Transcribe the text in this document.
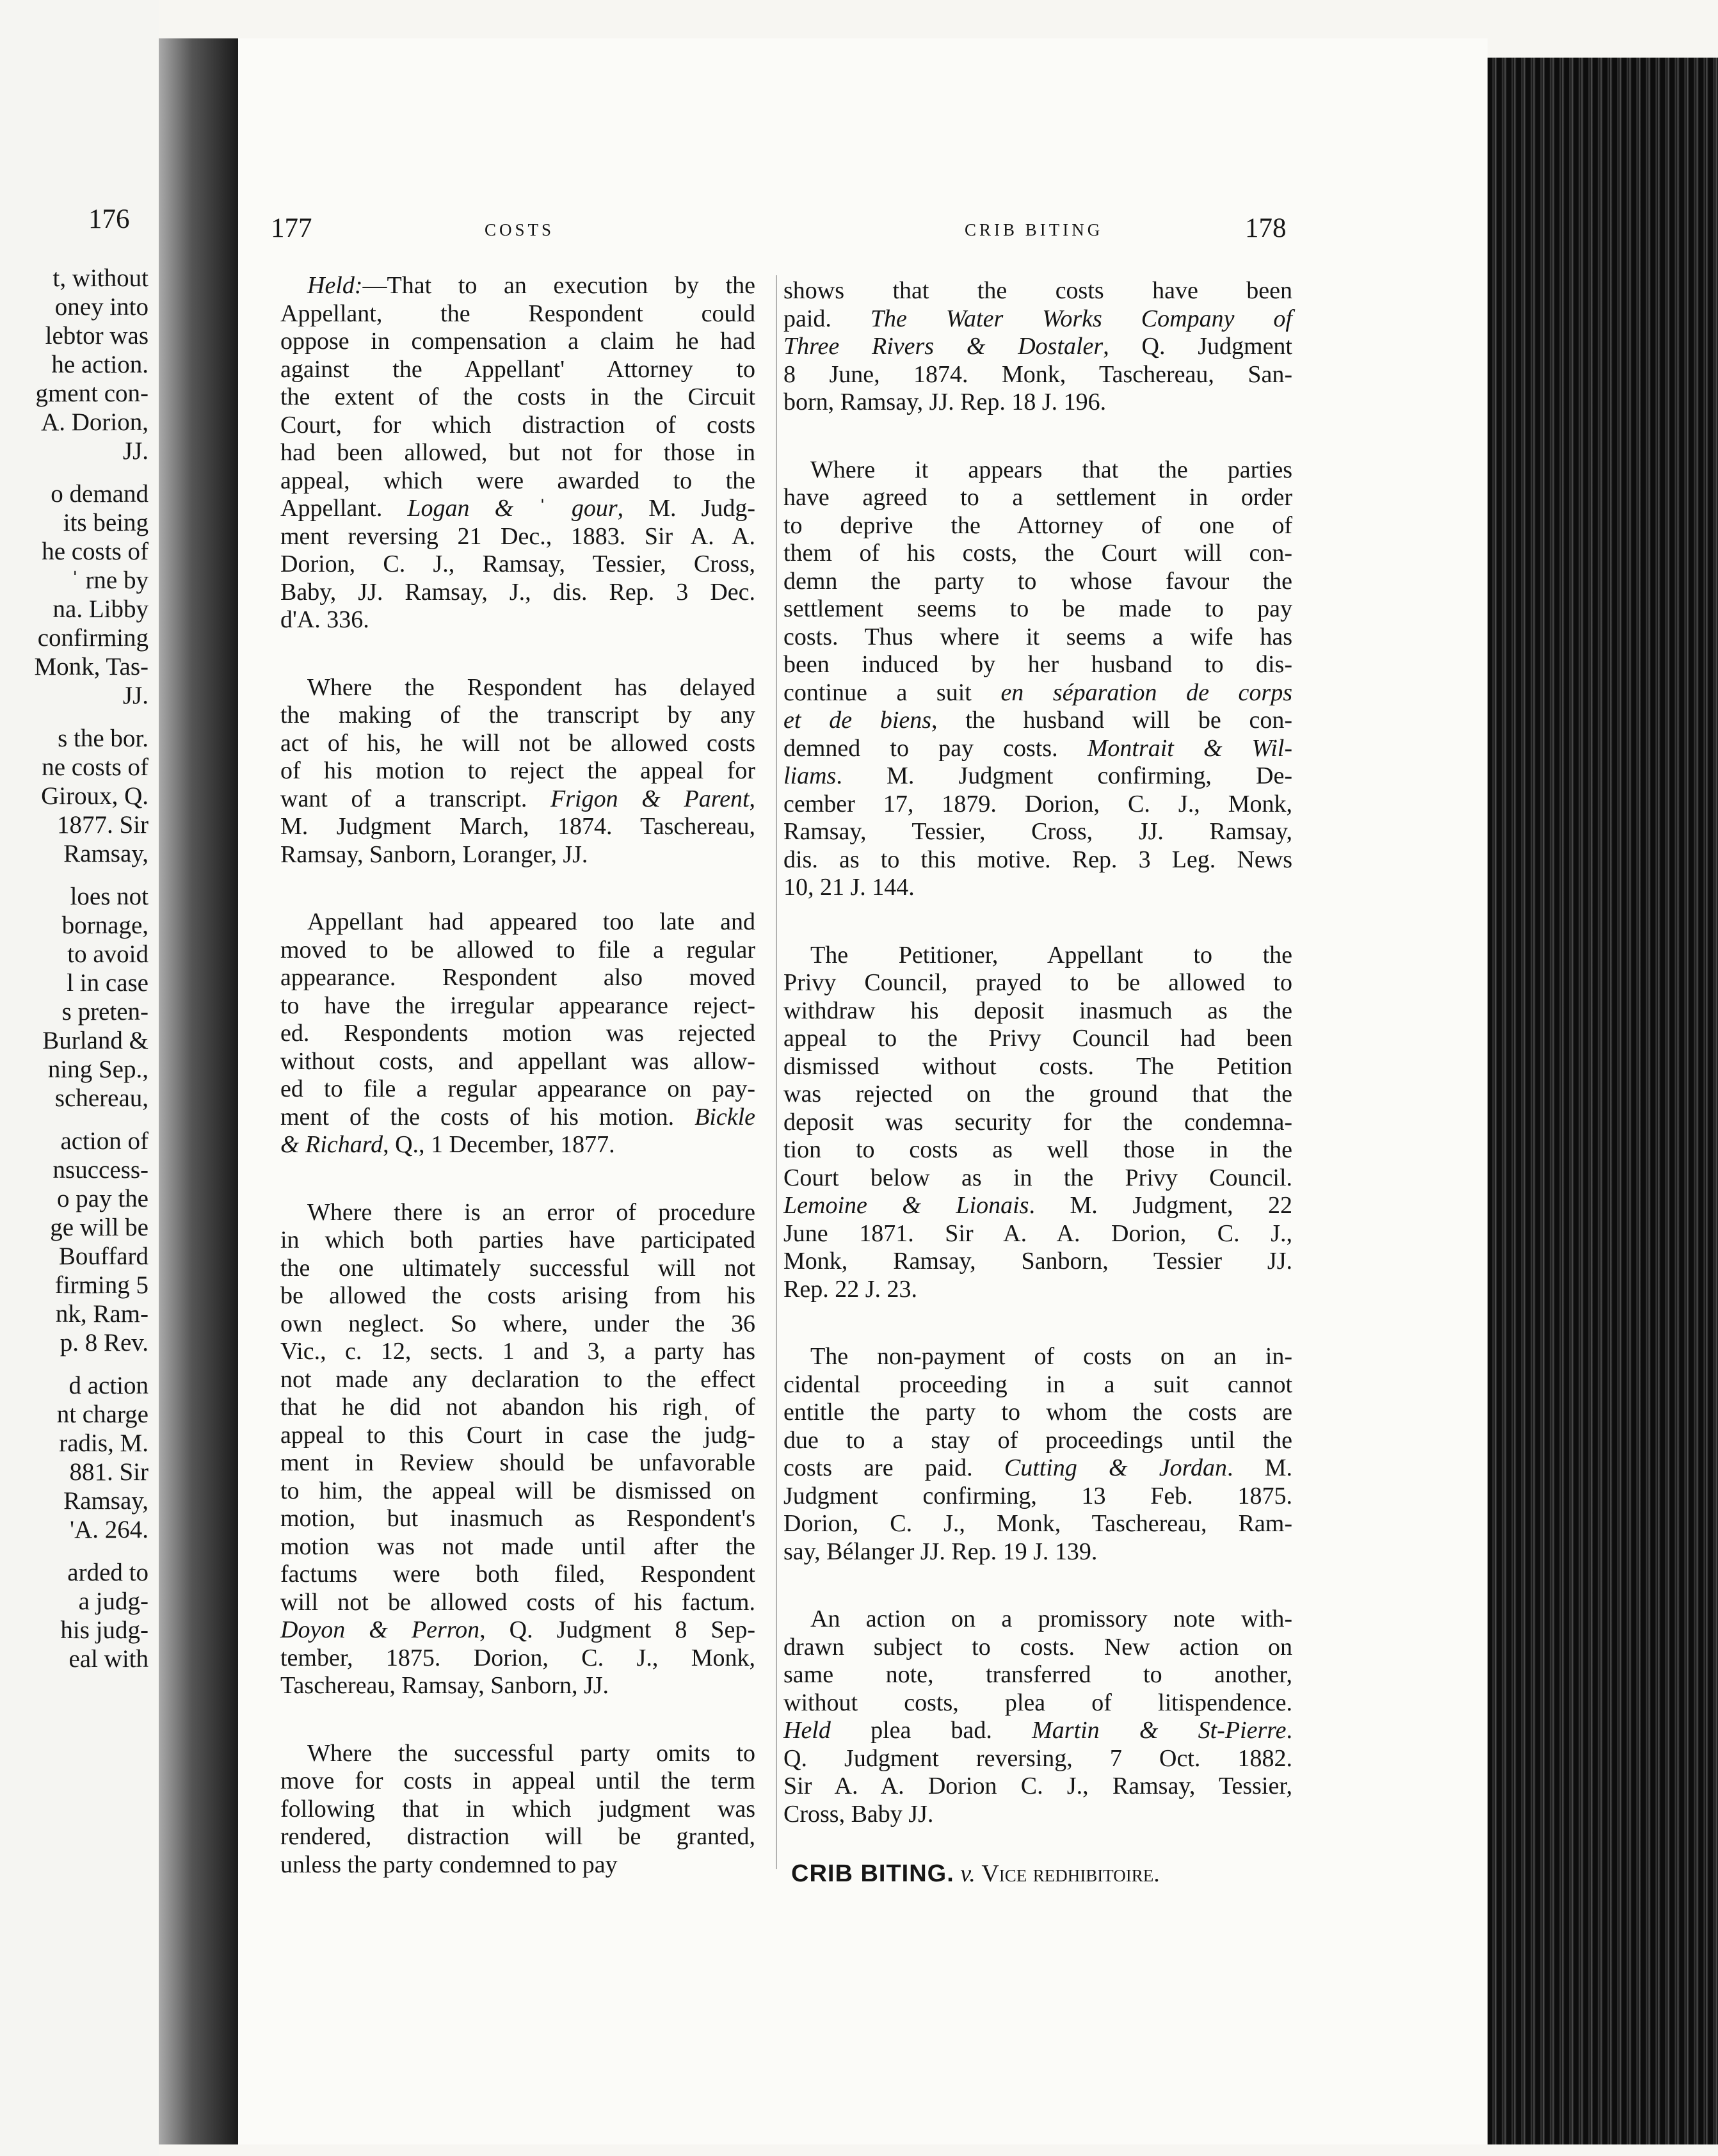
176
t, without
oney into
lebtor was
he action.
gment con-
A. Dorion,
JJ.
o demand
its being
he costs of
ˈ rne by
na. Libby
confirming
Monk, Tas-
JJ.
s the bor.
ne costs of
Giroux, Q.
1877. Sir
Ramsay,
loes not
bornage,
to avoid
l in case
s preten-
Burland &
ning Sep.,
schereau,
action of
nsuccess-
o pay the
ge will be
Bouffard
firming 5
nk, Ram-
p. 8 Rev.
d action
nt charge
radis, M.
881. Sir
Ramsay,
'A. 264.
arded to
a judg-
his judg-
eal with
177	COSTS	CRIB BITING	178
Held:—That to an execution by the
Appellant, the Respondent could
oppose in compensation a claim he had
against the Appellant' Attorney to
the extent of the costs in the Circuit
Court, for which distraction of costs
had been allowed, but not for those in
appeal, which were awarded to the
Appellant. Logan & ˈ gour, M. Judg-
ment reversing 21 Dec., 1883. Sir A. A.
Dorion, C. J., Ramsay, Tessier, Cross,
Baby, JJ. Ramsay, J., dis. Rep. 3 Dec.
d'A. 336.
Where the Respondent has delayed
the making of the transcript by any
act of his, he will not be allowed costs
of his motion to reject the appeal for
want of a transcript. Frigon & Parent,
M. Judgment March, 1874. Taschereau,
Ramsay, Sanborn, Loranger, JJ.
Appellant had appeared too late and
moved to be allowed to file a regular
appearance. Respondent also moved
to have the irregular appearance reject-
ed. Respondents motion was rejected
without costs, and appellant was allow-
ed to file a regular appearance on pay-
ment of the costs of his motion. Bickle
& Richard, Q., 1 December, 1877.
Where there is an error of procedure
in which both parties have participated
the one ultimately successful will not
be allowed the costs arising from his
own neglect. So where, under the 36
Vic., c. 12, sects. 1 and 3, a party has
not made any declaration to the effect
that he did not abandon his righˌ of
appeal to this Court in case the judg-
ment in Review should be unfavorable
to him, the appeal will be dismissed on
motion, but inasmuch as Respondent's
motion was not made until after the
factums were both filed, Respondent
will not be allowed costs of his factum.
Doyon & Perron, Q. Judgment 8 Sep-
tember, 1875. Dorion, C. J., Monk,
Taschereau, Ramsay, Sanborn, JJ.
Where the successful party omits to
move for costs in appeal until the term
following that in which judgment was
rendered, distraction will be granted,
unless the party condemned to pay
shows that the costs have been
paid. The Water Works Company of
Three Rivers & Dostaler, Q. Judgment
8 June, 1874. Monk, Taschereau, San-
born, Ramsay, JJ. Rep. 18 J. 196.
Where it appears that the parties
have agreed to a settlement in order
to deprive the Attorney of one of
them of his costs, the Court will con-
demn the party to whose favour the
settlement seems to be made to pay
costs. Thus where it seems a wife has
been induced by her husband to dis-
continue a suit en séparation de corps
et de biens, the husband will be con-
demned to pay costs. Montrait & Wil-
liams. M. Judgment confirming, De-
cember 17, 1879. Dorion, C. J., Monk,
Ramsay, Tessier, Cross, JJ. Ramsay,
dis. as to this motive. Rep. 3 Leg. News
10, 21 J. 144.
The Petitioner, Appellant to the
Privy Council, prayed to be allowed to
withdraw his deposit inasmuch as the
appeal to the Privy Council had been
dismissed without costs. The Petition
was rejected on the ground that the
deposit was security for the condemna-
tion to costs as well those in the
Court below as in the Privy Council.
Lemoine & Lionais. M. Judgment, 22
June 1871. Sir A. A. Dorion, C. J.,
Monk, Ramsay, Sanborn, Tessier JJ.
Rep. 22 J. 23.
The non-payment of costs on an in-
cidental proceeding in a suit cannot
entitle the party to whom the costs are
due to a stay of proceedings until the
costs are paid. Cutting & Jordan. M.
Judgment confirming, 13 Feb. 1875.
Dorion, C. J., Monk, Taschereau, Ram-
say, Bélanger JJ. Rep. 19 J. 139.
An action on a promissory note with-
drawn subject to costs. New action on
same note, transferred to another,
without costs, plea of litispendence.
Held plea bad. Martin & St-Pierre.
Q. Judgment reversing, 7 Oct. 1882.
Sir A. A. Dorion C. J., Ramsay, Tessier,
Cross, Baby JJ.
CRIB BITING. v. Vice redhibitoire.
